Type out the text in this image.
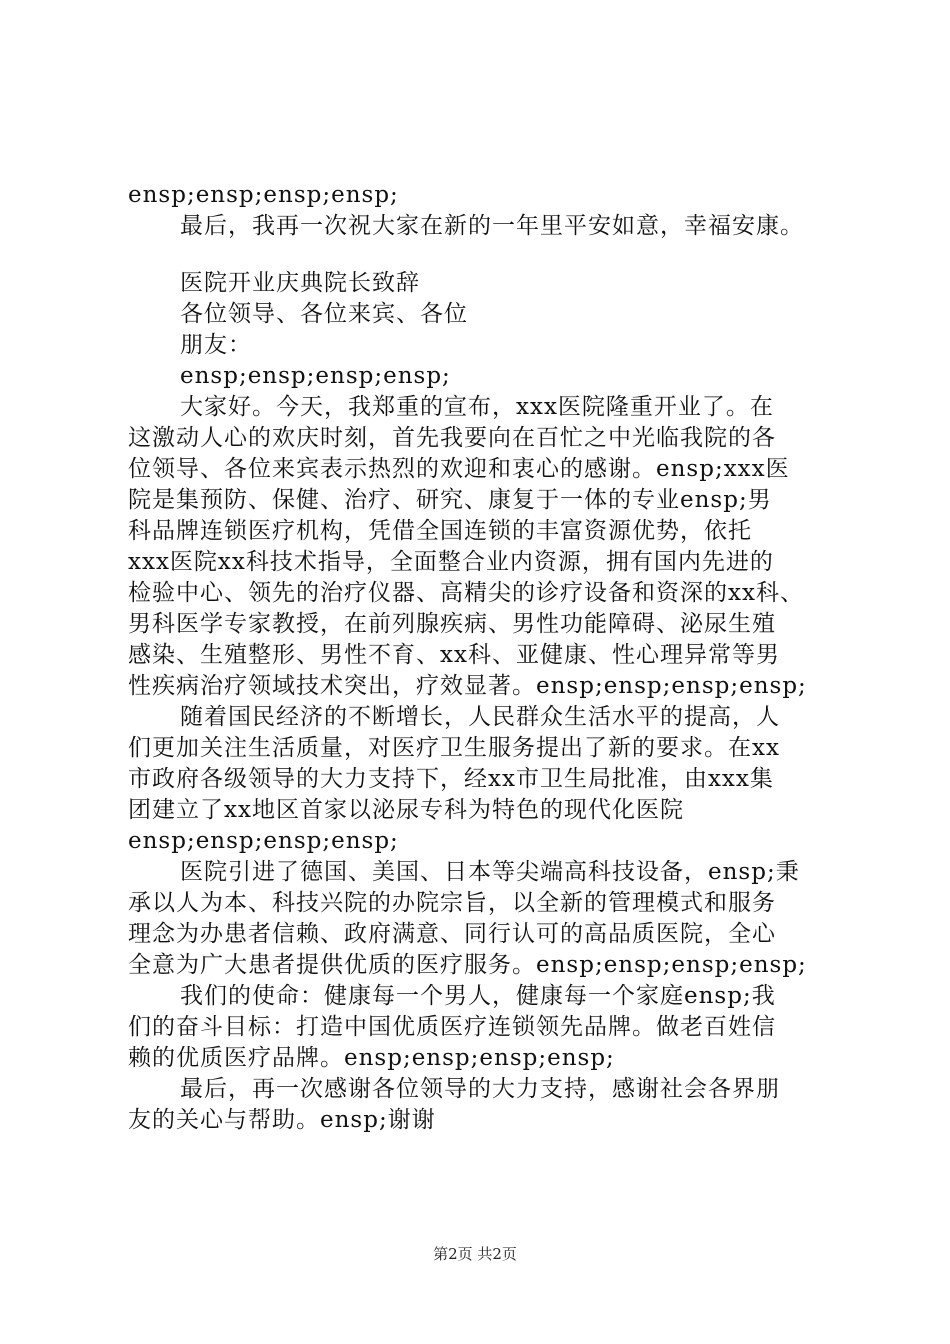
ensp;ensp;ensp;ensp;
最后，我再一次祝大家在新的一年里平安如意，幸福安康。
医院开业庆典院长致辞
各位领导、各位来宾、各位
朋友：
ensp;ensp;ensp;ensp;
大家好。今天，我郑重的宣布，xxx医院隆重开业了。在
这激动人心的欢庆时刻，首先我要向在百忙之中光临我院的各
位领导、各位来宾表示热烈的欢迎和衷心的感谢。ensp;xxx医
院是集预防、保健、治疗、研究、康复于一体的专业ensp;男
科品牌连锁医疗机构，凭借全国连锁的丰富资源优势，依托
xxx医院xx科技术指导，全面整合业内资源，拥有国内先进的
检验中心、领先的治疗仪器、高精尖的诊疗设备和资深的xx科、
男科医学专家教授，在前列腺疾病、男性功能障碍、泌尿生殖
感染、生殖整形、男性不育、xx科、亚健康、性心理异常等男
性疾病治疗领域技术突出，疗效显著。ensp;ensp;ensp;ensp;
随着国民经济的不断增长，人民群众生活水平的提高，人
们更加关注生活质量，对医疗卫生服务提出了新的要求。在xx
市政府各级领导的大力支持下，经xx市卫生局批准，由xxx集
团建立了xx地区首家以泌尿专科为特色的现代化医院
ensp;ensp;ensp;ensp;
医院引进了德国、美国、日本等尖端高科技设备，ensp;秉
承以人为本、科技兴院的办院宗旨，以全新的管理模式和服务
理念为办患者信赖、政府满意、同行认可的高品质医院，全心
全意为广大患者提供优质的医疗服务。ensp;ensp;ensp;ensp;
我们的使命：健康每一个男人，健康每一个家庭ensp;我
们的奋斗目标：打造中国优质医疗连锁领先品牌。做老百姓信
赖的优质医疗品牌。ensp;ensp;ensp;ensp;
最后，再一次感谢各位领导的大力支持，感谢社会各界朋
友的关心与帮助。ensp;谢谢
第2页 共2页
